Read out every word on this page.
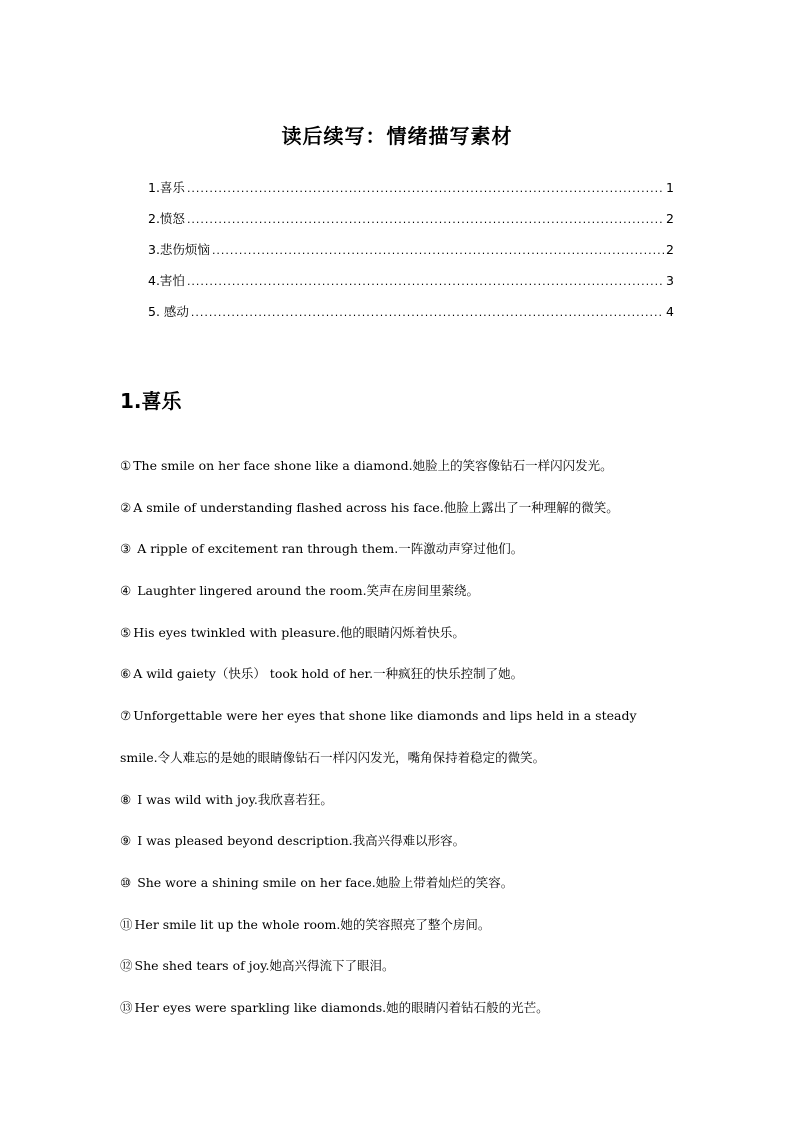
读后续写：情绪描写素材
1.喜乐 .....	1
2.愤怒 .....	2
3.悲伤烦恼 .....	2
4.害怕 .....	3
5. 感动 .....	4
1.喜乐
① The smile on her face shone like a diamond.她脸上的笑容像钻石一样闪闪发光。
② A smile of understanding flashed across his face.他脸上露出了一种理解的微笑。
③ A ripple of excitement ran through them.一阵激动声穿过他们。
④ Laughter lingered around the room.笑声在房间里萦绕。
⑤ His eyes twinkled with pleasure.他的眼睛闪烁着快乐。
⑥ A wild gaiety（快乐） took hold of her.一种疯狂的快乐控制了她。
⑦ Unforgettable were her eyes that shone like diamonds and lips held in a steady
smile.令人难忘的是她的眼睛像钻石一样闪闪发光，嘴角保持着稳定的微笑。
⑧ I was wild with joy.我欣喜若狂。
⑨ I was pleased beyond description.我高兴得难以形容。
⑩ She wore a shining smile on her face.她脸上带着灿烂的笑容。
⑪ Her smile lit up the whole room.她的笑容照亮了整个房间。
⑫ She shed tears of joy.她高兴得流下了眼泪。
⑬ Her eyes were sparkling like diamonds.她的眼睛闪着钻石般的光芒。
